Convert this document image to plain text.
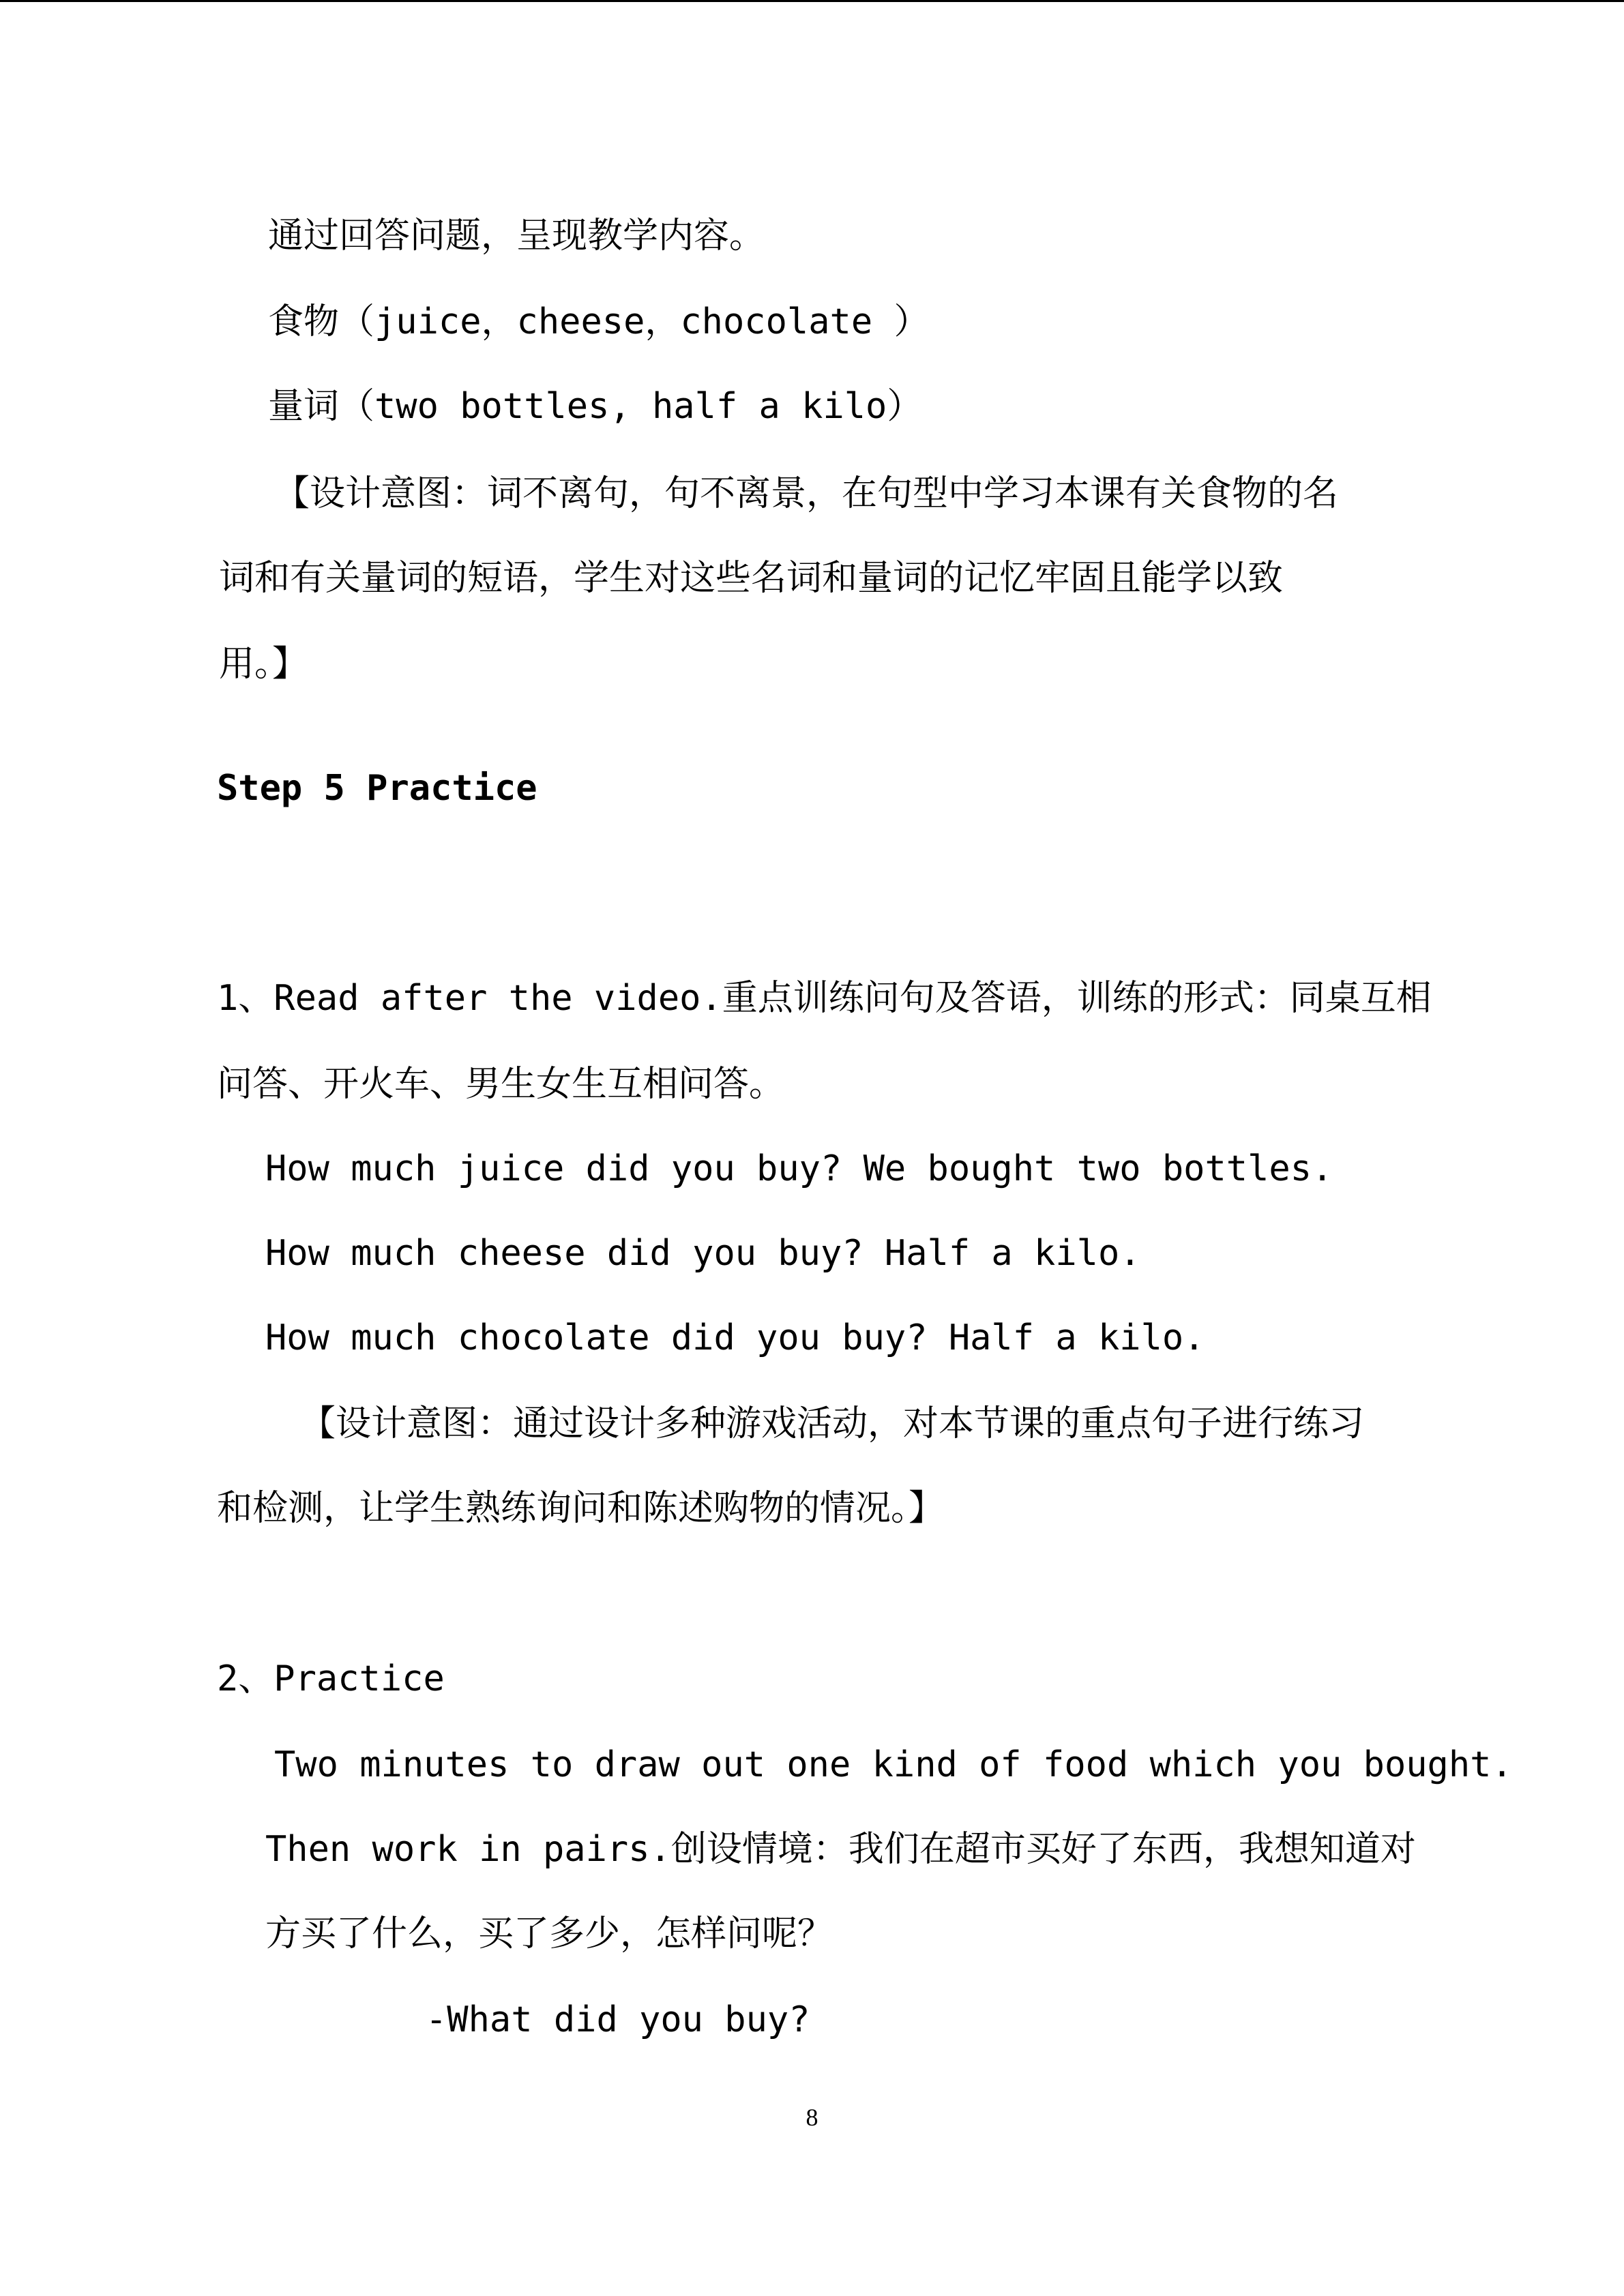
通过回答问题，呈现教学内容。
食物（juice，cheese，chocolate ）
量词（two bottles, half a kilo）
【设计意图：词不离句，句不离景，在句型中学习本课有关食物的名
词和有关量词的短语，学生对这些名词和量词的记忆牢固且能学以致
用。】
Step 5 Practice
1、Read after the video.重点训练问句及答语，训练的形式：同桌互相
问答、开火车、男生女生互相问答。
How much juice did you buy? We bought two bottles.
How much cheese did you buy? Half a kilo.
How much chocolate did you buy? Half a kilo.
【设计意图：通过设计多种游戏活动，对本节课的重点句子进行练习
和检测，让学生熟练询问和陈述购物的情况。】
2、Practice
Two minutes to draw out one kind of food which you bought.
Then work in pairs.创设情境：我们在超市买好了东西，我想知道对
方买了什么，买了多少，怎样问呢？
-What did you buy?
8
